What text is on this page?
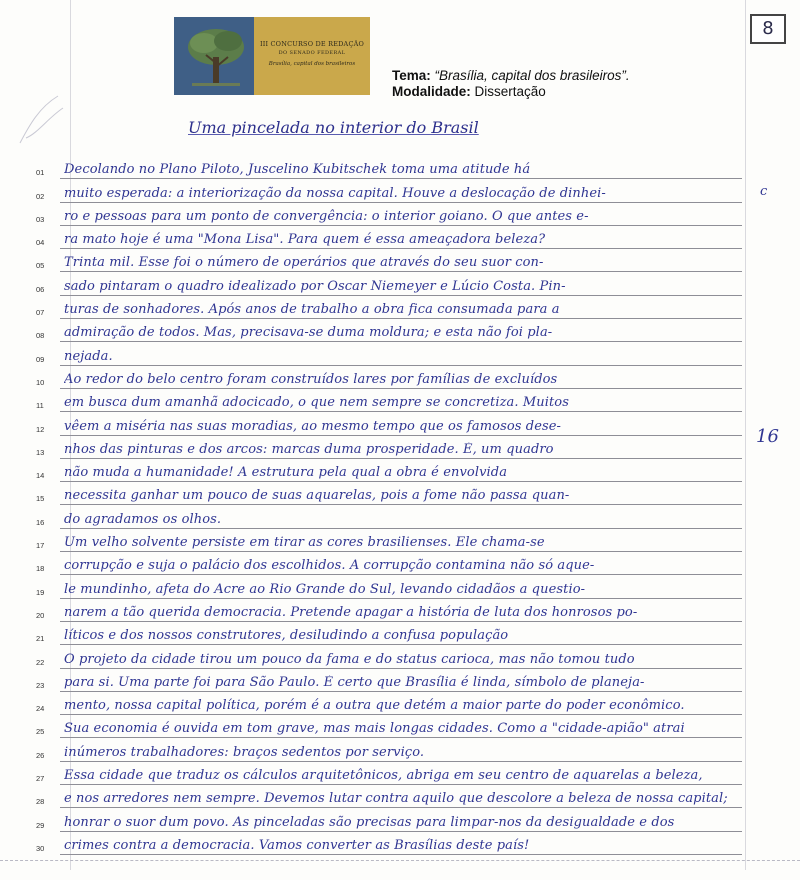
III CONCURSO DE REDAÇÃO
DO SENADO FEDERAL
Brasília, capital dos brasileiros
Tema: “Brasília, capital dos brasileiros”.
Modalidade: Dissertação
8
Uma pincelada no interior do Brasil
c
16
01 Decolando no Plano Piloto, Juscelino Kubitschek toma uma atitude há
02 muito esperada: a interiorização da nossa capital. Houve a deslocação de dinhei-
03 ro e pessoas para um ponto de convergência: o interior goiano. O que antes e-
04 ra mato hoje é uma "Mona Lisa". Para quem é essa ameaçadora beleza?
05 Trinta mil. Esse foi o número de operários que através do seu suor con-
06 sado pintaram o quadro idealizado por Oscar Niemeyer e Lúcio Costa. Pin-
07 turas de sonhadores. Após anos de trabalho a obra fica consumada para a
08 admiração de todos. Mas, precisava-se duma moldura; e esta não foi pla-
09 nejada.
10 Ao redor do belo centro foram construídos lares por famílias de excluídos
11 em busca dum amanhã adocicado, o que nem sempre se concretiza. Muitos
12 vêem a miséria nas suas moradias, ao mesmo tempo que os famosos dese-
13 nhos das pinturas e dos arcos: marcas duma prosperidade. É, um quadro
14 não muda a humanidade! A estrutura pela qual a obra é envolvida
15 necessita ganhar um pouco de suas aquarelas, pois a fome não passa quan-
16 do agradamos os olhos.
17 Um velho solvente persiste em tirar as cores brasilienses. Ele chama-se
18 corrupção e suja o palácio dos escolhidos. A corrupção contamina não só aque-
19 le mundinho, afeta do Acre ao Rio Grande do Sul, levando cidadãos a questio-
20 narem a tão querida democracia. Pretende apagar a história de luta dos honrosos po-
21 líticos e dos nossos construtores, desiludindo a confusa população
22 O projeto da cidade tirou um pouco da fama e do status carioca, mas não tomou tudo
23 para si. Uma parte foi para São Paulo. É certo que Brasília é linda, símbolo de planeja-
24 mento, nossa capital política, porém é a outra que detém a maior parte do poder econômico.
25 Sua economia é ouvida em tom grave, mas mais longas cidades. Como a "cidade-apião" atrai
26 inúmeros trabalhadores: braços sedentos por serviço.
27 Essa cidade que traduz os cálculos arquitetônicos, abriga em seu centro de aquarelas a beleza,
28 e nos arredores nem sempre. Devemos lutar contra aquilo que descolore a beleza de nossa capital;
29 honrar o suor dum povo. As pinceladas são precisas para limpar-nos da desigualdade e dos
30 crimes contra a democracia. Vamos converter as Brasílias deste país!
